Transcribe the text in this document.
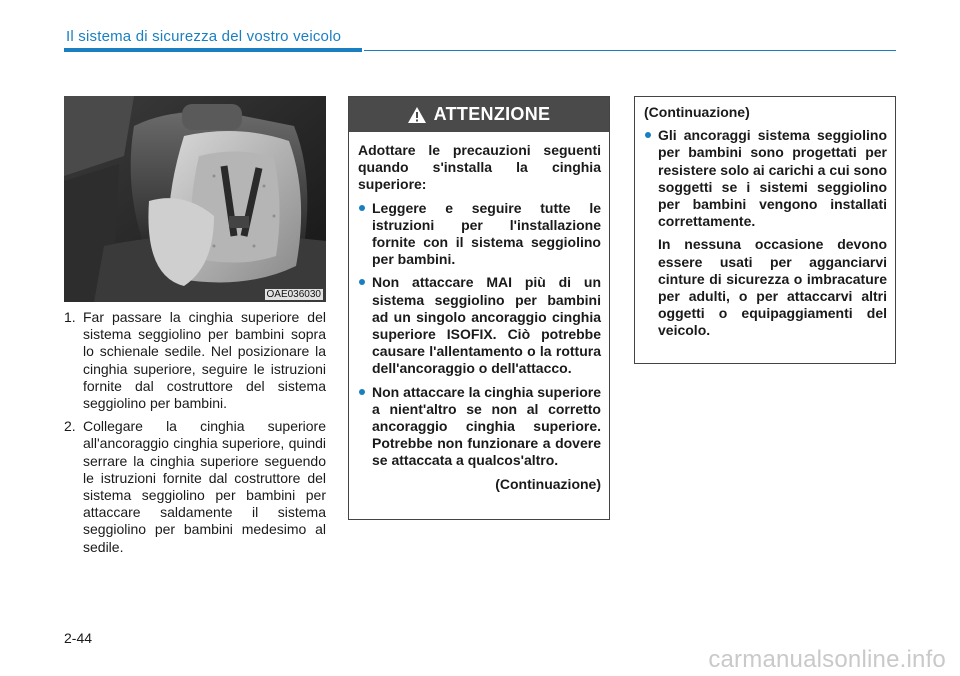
Il sistema di sicurezza del vostro veicolo
OAE036030
1. Far passare la cinghia superiore del sistema seggiolino per bambini sopra lo schienale sedile. Nel posizionare la cinghia superiore, seguire le istruzioni fornite dal costruttore del sistema seggiolino per bambini.
2. Collegare la cinghia superiore all'ancoraggio cinghia superiore, quindi serrare la cinghia superiore seguendo le istruzioni fornite dal costruttore del sistema seggiolino per bambini per attaccare saldamente il sistema seggiolino per bambini medesimo al sedile.
ATTENZIONE

Adottare le precauzioni seguenti quando s'installa la cinghia superiore:

Leggere e seguire tutte le istruzioni per l'installazione fornite con il sistema seggiolino per bambini.
Non attaccare MAI più di un sistema seggiolino per bambini ad un singolo ancoraggio cinghia superiore ISOFIX. Ciò potrebbe causare l'allentamento o la rottura dell'ancoraggio o dell'attacco.
Non attaccare la cinghia superiore a nient'altro se non al corretto ancoraggio cinghia superiore. Potrebbe non funzionare a dovere se attaccata a qualcos'altro.
(Continuazione)

(Continuazione)

Gli ancoraggi sistema seggiolino per bambini sono progettati per resistere solo ai carichi a cui sono soggetti se i sistemi seggiolino per bambini vengono installati correttamente.

In nessuna occasione devono essere usati per agganciarvi cinture di sicurezza o imbracature per adulti, o per attaccarvi altri oggetti o equipaggiamenti del veicolo.

2-44
carmanualsonline.info
